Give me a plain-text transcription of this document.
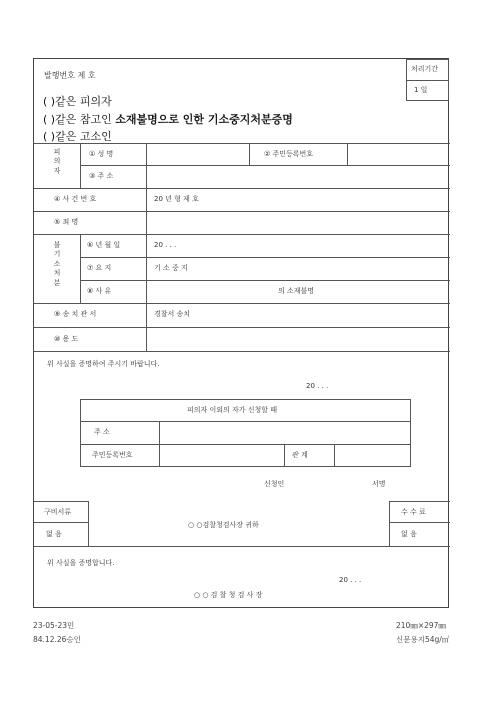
발행번호 제 호
처리기간
1 일
( )같은 피의자
( )같은 참고인 소재불명으로 인한 기소중지처분증명
( )같은 고소인
피의자
① 성 명	② 주민등록번호
③ 주 소
④ 사 건 번 호	20 년 형 제 호
⑤ 죄 명
불기소처분
⑥ 년 월 일	20 . . .
⑦ 요 지	기 소 중 지
⑧ 사 유	의 소재불명
⑨ 송 치 관 서	경찰서 송치
⑩ 용 도
위 사실을 증명하여 주시기 바랍니다.
20 . . .
피의자 이외의 자가 신청할 때
주 소
주민등록번호	관 계
신청인	서명
구비서류
없 음
○ ○검찰청검사장 귀하
수 수 료
없 음
위 사실을 증명합니다.
20 . . .
○ ○ 검 찰 청 검 사 장
23-05-23민
84.12.26승인
210㎜×297㎜
신문용지54g/㎡
